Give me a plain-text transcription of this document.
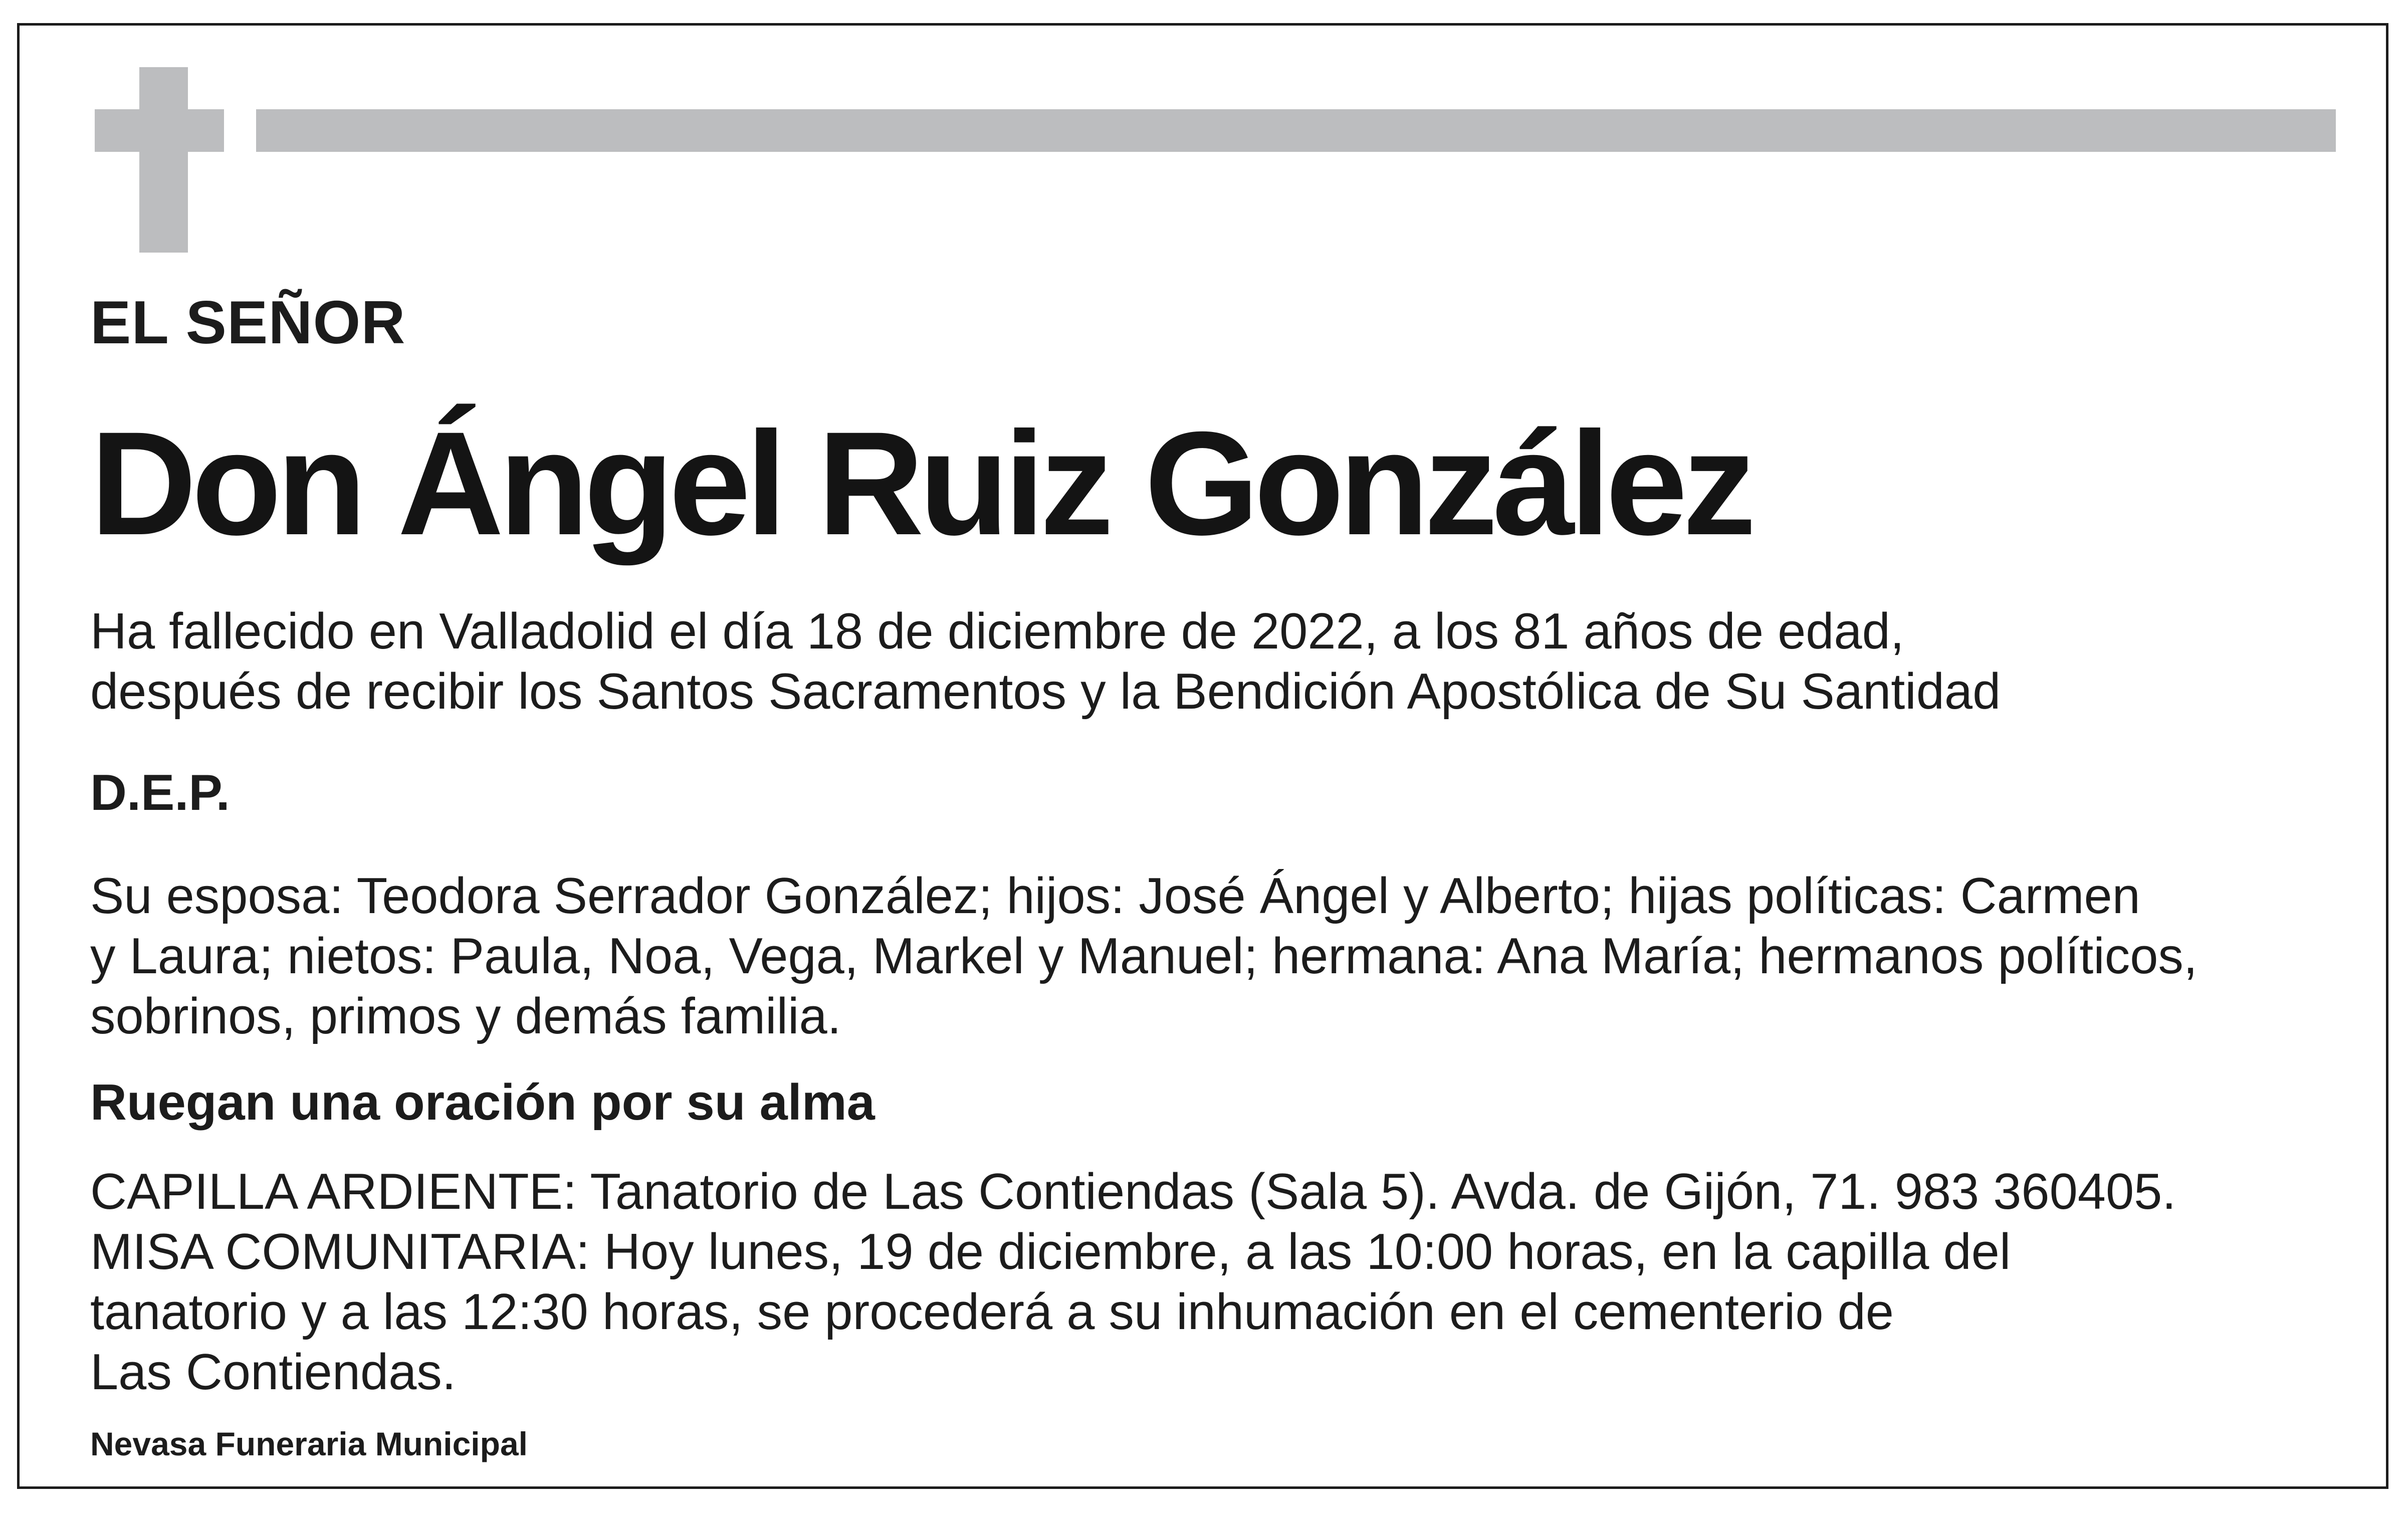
EL SEÑOR

Don Ángel Ruiz González

Ha fallecido en Valladolid el día 18 de diciembre de 2022, a los 81 años de edad,
después de recibir los Santos Sacramentos y la Bendición Apostólica de Su Santidad

D.E.P.

Su esposa: Teodora Serrador González; hijos: José Ángel y Alberto; hijas políticas: Carmen
y Laura; nietos: Paula, Noa, Vega, Markel y Manuel; hermana: Ana María; hermanos políticos,
sobrinos, primos y demás familia.

Ruegan una oración por su alma

CAPILLA ARDIENTE: Tanatorio de Las Contiendas (Sala 5). Avda. de Gijón, 71. 983 360405.
MISA COMUNITARIA: Hoy lunes, 19 de diciembre, a las 10:00 horas, en la capilla del
tanatorio y a las 12:30 horas, se procederá a su inhumación en el cementerio de
Las Contiendas.

Nevasa Funeraria Municipal
